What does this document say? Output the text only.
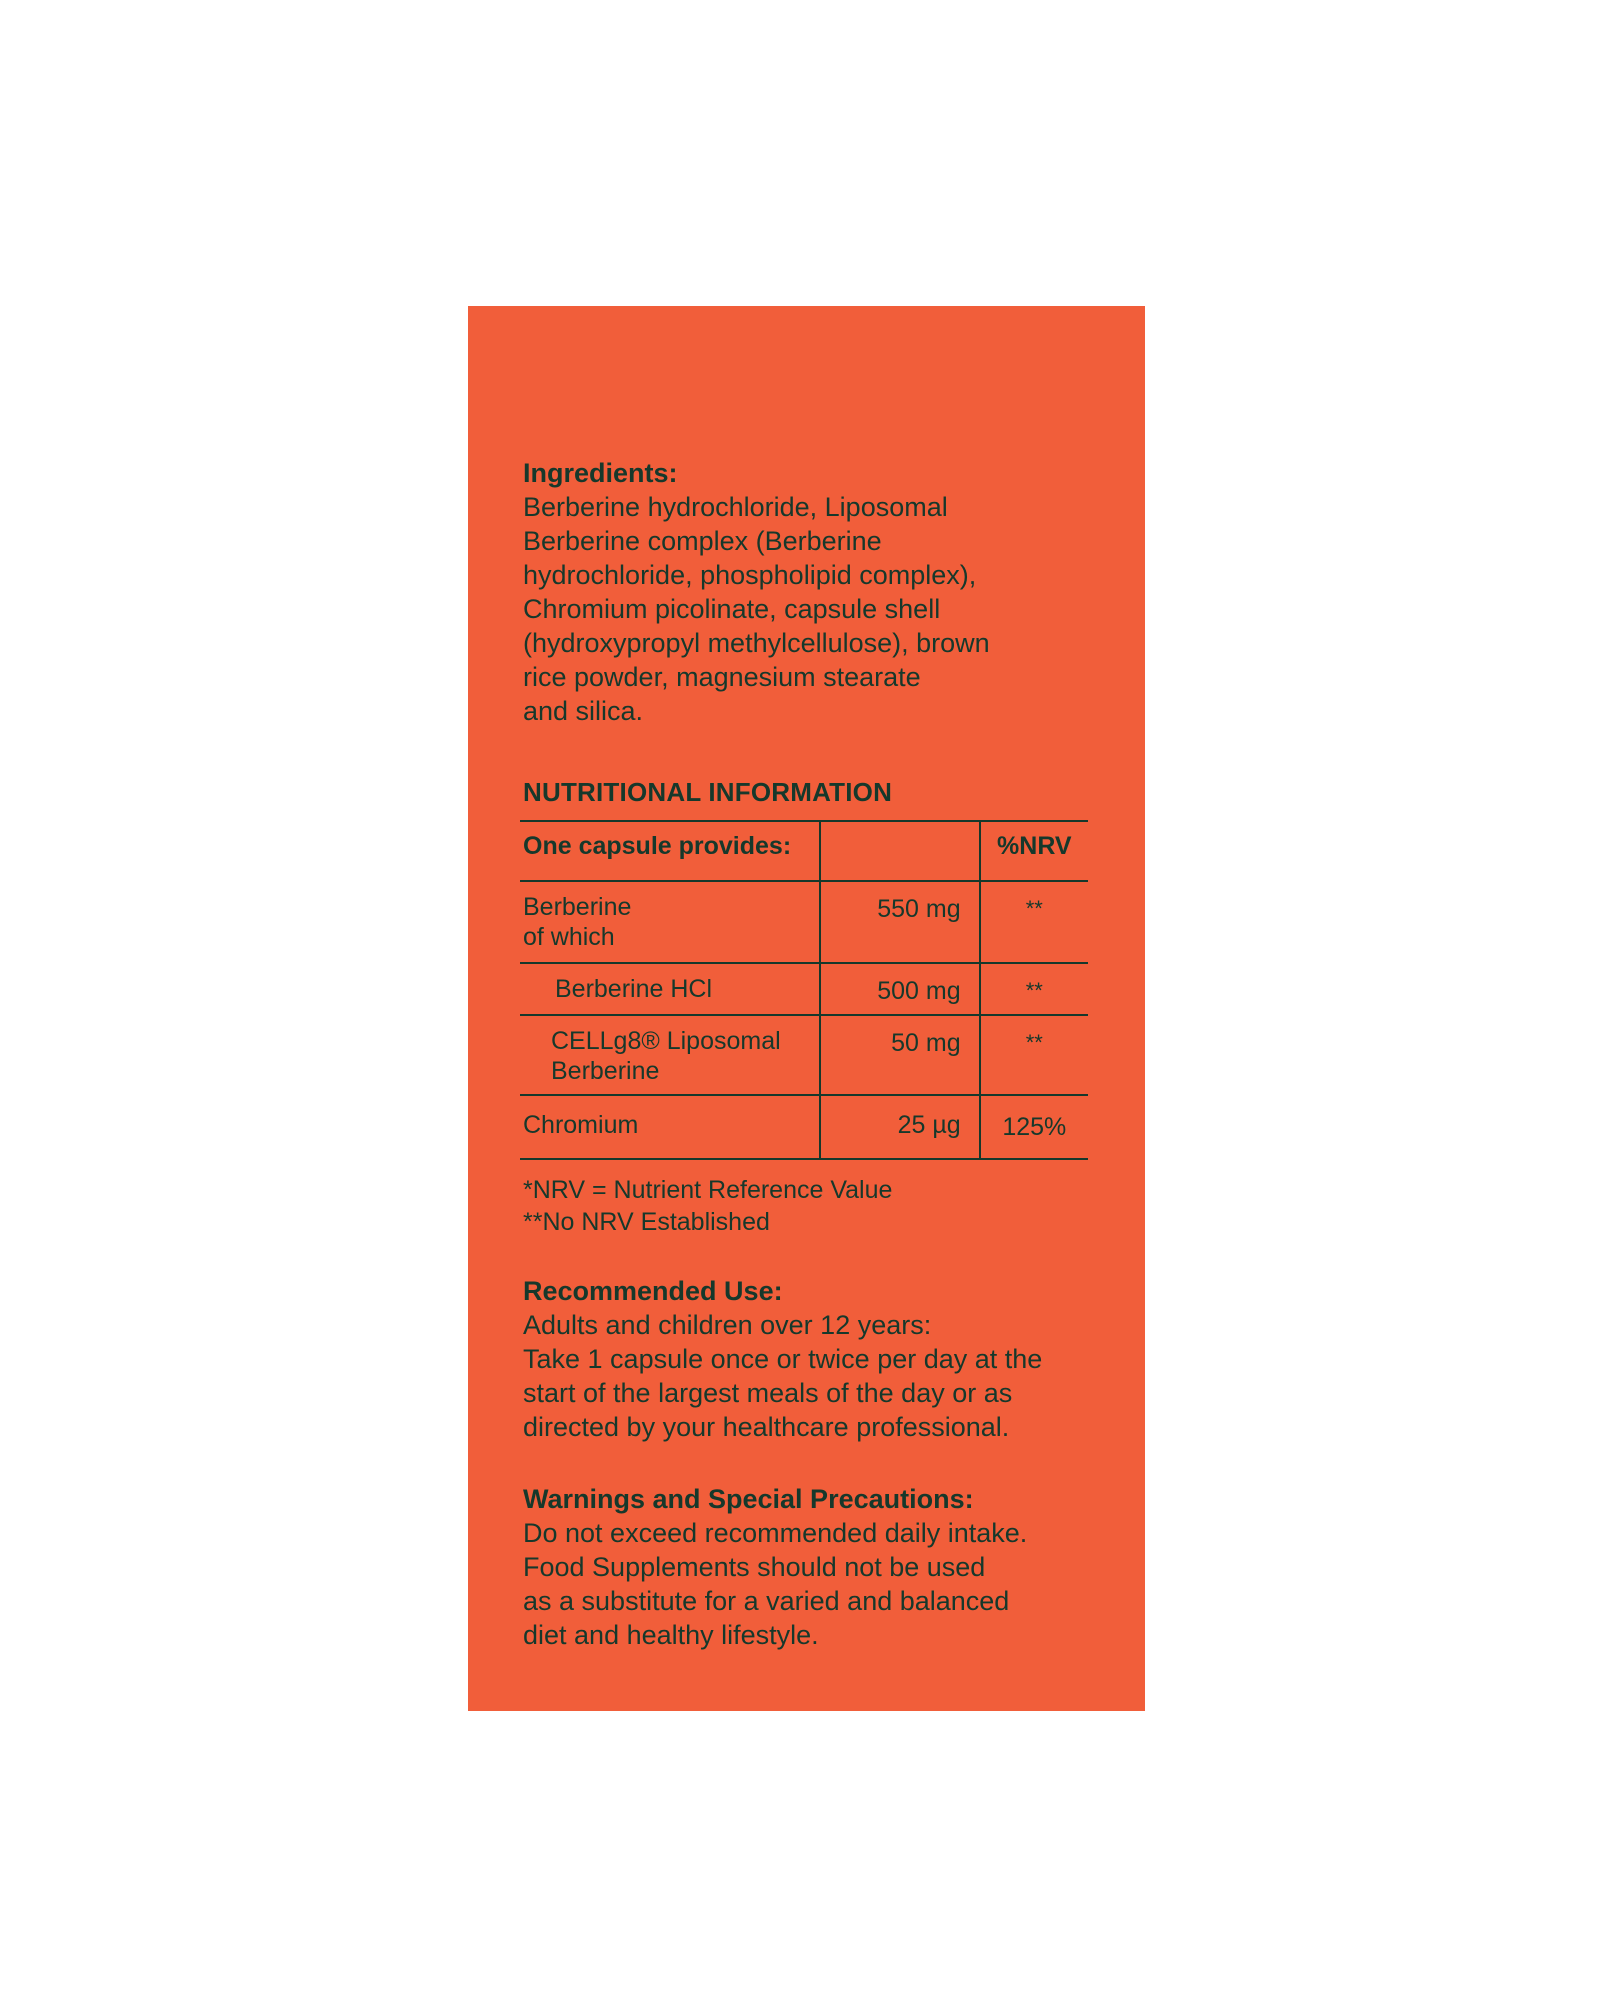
Ingredients:

Berberine hydrochloride, Liposomal

Berberine complex (Berberine

hydrochloride, phospholipid complex),

Chromium picolinate, capsule shell

(hydroxypropyl methylcellulose), brown

rice powder, magnesium stearate

and silica.

NUTRITIONAL INFORMATION

One capsule provides:		%NRV

Berberine
of which	550 mg	**

Berberine HCl	500 mg	**

CELLg8® Liposomal
Berberine	50 mg	**

Chromium	25 µg	125%

*NRV = Nutrient Reference Value

**No NRV Established

Recommended Use:

Adults and children over 12 years:

Take 1 capsule once or twice per day at the

start of the largest meals of the day or as

directed by your healthcare professional.

Warnings and Special Precautions:

Do not exceed recommended daily intake.

Food Supplements should not be used

as a substitute for a varied and balanced

diet and healthy lifestyle.
